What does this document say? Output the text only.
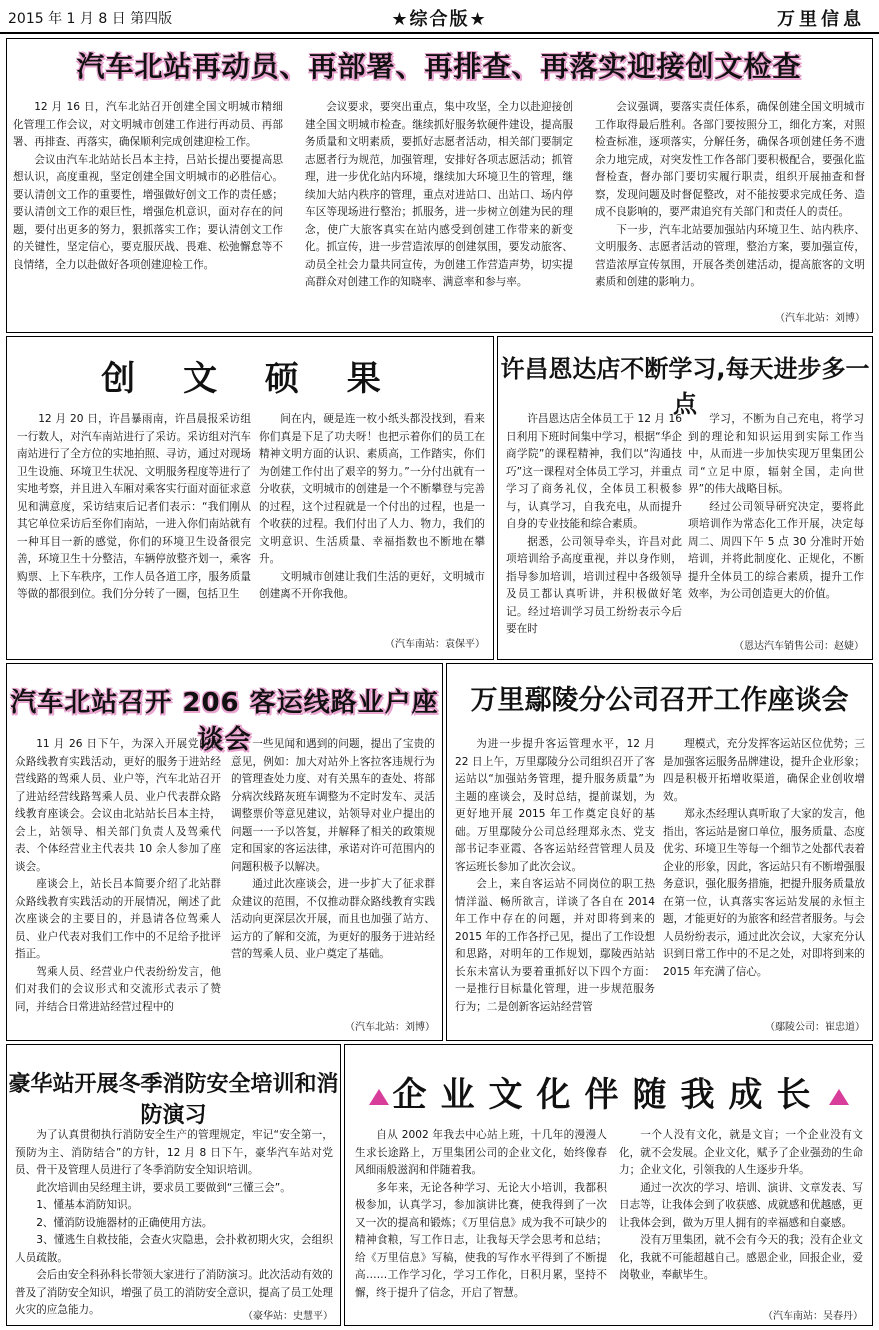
2015 年 1 月 8 日 第四版	★综合版★	万里信息
汽车北站再动员、再部署、再排查、再落实迎接创文检查

12 月 16 日，汽车北站召开创建全国文明城市精细化管理工作会议，对文明城市创建工作进行再动员、再部署、再排查、再落实，确保顺利完成创建迎检工作。

会议由汽车北站站长吕本主持，吕站长提出要提高思想认识，高度重视，坚定创建全国文明城市的必胜信心。要认清创文工作的重要性，增强做好创文工作的责任感；要认清创文工作的艰巨性，增强危机意识，面对存在的问题，要付出更多的努力，狠抓落实工作；要认清创文工作的关键性，坚定信心，要克服厌战、畏难、松弛懈怠等不良情绪，全力以赴做好各项创建迎检工作。

会议要求，要突出重点，集中攻坚，全力以赴迎接创建全国文明城市检查。继续抓好服务软硬件建设，提高服务质量和文明素质，要抓好志愿者活动，相关部门要制定志愿者行为规范，加强管理，安排好各项志愿活动；抓管理，进一步优化站内环境，继续加大环境卫生的管理，继续加大站内秩序的管理，重点对进站口、出站口、场内停车区等现场进行整治；抓服务，进一步树立创建为民的理念，使广大旅客真实在站内感受到创建工作带来的新变化。抓宣传，进一步营造浓厚的创建氛围，要发动旅客、动员全社会力量共同宣传，为创建工作营造声势，切实提高群众对创建工作的知晓率、满意率和参与率。

会议强调，要落实责任体系，确保创建全国文明城市工作取得最后胜利。各部门要按照分工，细化方案，对照检查标准，逐项落实，分解任务，确保各项创建任务不遗余力地完成，对突发性工作各部门要积极配合，要强化监督检查，督办部门要切实履行职责，组织开展抽查和督察，发现问题及时督促整改，对不能按要求完成任务、造成不良影响的，要严肃追究有关部门和责任人的责任。

下一步，汽车北站要加强站内环境卫生、站内秩序、文明服务、志愿者活动的管理，整治方案，要加强宣传，营造浓厚宣传氛围，开展各类创建活动，提高旅客的文明素质和创建的影响力。

（汽车北站：刘博）
创 文 硕 果

12 月 20 日，许昌暴雨南，许昌晨报采访组一行数人，对汽车南站进行了采访。采访组对汽车南站进行了全方位的实地拍照、寻访，通过对现场卫生设施、环境卫生状况、文明服务程度等进行了实地考察，并且进入车厢对乘客实行面对面征求意见和满意度，采访结束后记者们表示：“我们刚从其它单位采访后至你们南站，一进入你们南站就有一种耳目一新的感觉，你们的环境卫生设备很完善，环境卫生十分整洁，车辆停放整齐划一，乘客购票、上下车秩序，工作人员各道工序，服务质量等做的都很到位。我们分分转了一圈，包括卫生

间在内，硬是连一枚小纸头都没找到，看来你们真是下足了功夫呀！也把示着你们的员工在精神文明方面的认识、素质高，工作踏实，你们为创建工作付出了艰辛的努力。”一分付出就有一分收获，文明城市的创建是一个不断攀登与完善的过程，这个过程就是一个付出的过程，也是一个收获的过程。我们付出了人力、物力，我们的文明意识、生活质量、幸福指数也不断地在攀升。

文明城市创建让我们生活的更好，文明城市创建离不开你我他。

（汽车南站：袁保平）
许昌恩达店不断学习,每天进步多一点

许昌恩达店全体员工于 12 月 16 日利用下班时间集中学习，根据“华企商学院”的课程精神，我们以“沟通技巧”这一课程对全体员工学习，并重点学习了商务礼仪，全体员工积极参与，认真学习，自我充电，从而提升自身的专业技能和综合素质。

据悉，公司领导牵头，许昌对此项培训给予高度重视，并以身作则，指导参加培训，培训过程中各级领导及员工都认真听讲，并积极做好笔记。经过培训学习员工纷纷表示今后要在时

学习，不断为自己充电，将学习到的理论和知识运用到实际工作当中，从而进一步加快实现万里集团公司“立足中原，辐射全国，走向世界”的伟大战略目标。

经过公司领导研究决定，要将此项培训作为常态化工作开展，决定每周二、周四下午 5 点 30 分准时开始培训，并将此制度化、正规化，不断提升全体员工的综合素质，提升工作效率，为公司创造更大的价值。

（恩达汽车销售公司：赵婕）
汽车北站召开 206 客运线路业户座谈会

11 月 26 日下午，为深入开展党的群众路线教育实践活动，更好的服务于进站经营线路的驾乘人员、业户等，汽车北站召开了进站经营线路驾乘人员、业户代表群众路线教育座谈会。会议由北站站长吕本主持，会上，站领导、相关部门负责人及驾乘代表、个体经营业主代表共 10 余人参加了座谈会。

座谈会上，站长吕本简要介绍了北站群众路线教育实践活动的开展情况，阐述了此次座谈会的主要目的，并恳请各位驾乘人员、业户代表对我们工作中的不足给予批评指正。

驾乘人员、经营业户代表纷纷发言，他们对我们的会议形式和交流形式表示了赞同，并结合日常进站经营过程中的

一些见闻和遇到的问题，提出了宝贵的意见，例如：加大对站外上客拉客违规行为的管理查处力度、对有关黑车的查处、将部分病次线路灰班车调整为不定时发车、灵活调整票价等意见建议，站领导对业户提出的问题一一予以答复，并解释了相关的政策规定和国家的客运法律，承诺对许可范围内的问题积极予以解决。

通过此次座谈会，进一步扩大了征求群众建议的范围，不仅推动群众路线教育实践活动向更深层次开展，而且也加强了站方、运方的了解和交流，为更好的服务于进站经营的驾乘人员、业户奠定了基础。

（汽车北站：刘博）
万里鄢陵分公司召开工作座谈会

为进一步提升客运管理水平，12 月 22 日上午，万里鄢陵分公司组织召开了客运站以“加强站务管理，提升服务质量”为主题的座谈会，及时总结，提前谋划，为更好地开展 2015 年工作奠定良好的基础。万里鄢陵分公司总经理郑永杰、党支部书记李亚霞、各客运站经营管理人员及客运班长参加了此次会议。

会上，来自客运站不同岗位的职工热情洋溢、畅所欲言，详谈了各自在 2014 年工作中存在的问题，并对即将到来的 2015 年的工作各抒己见，提出了工作设想和思路，对明年的工作规划，鄢陵西站站长东未富认为要着重抓好以下四个方面：一是推行目标量化管理，进一步规范服务行为；二是创新客运站经营管

理模式，充分发挥客运站区位优势；三是加强客运服务品牌建设，提升企业形象；四是积极开拓增收渠道，确保企业创收增效。

郑永杰经理认真听取了大家的发言，他指出，客运站是窗口单位，服务质量、态度优劣、环境卫生等每一个细节之处都代表着企业的形象，因此，客运站只有不断增强服务意识，强化服务措施，把提升服务质量放在第一位，认真落实客运站发展的永恒主题，才能更好的为旅客和经营者服务。与会人员纷纷表示，通过此次会议，大家充分认识到日常工作中的不足之处，对即将到来的 2015 年充满了信心。

（鄢陵公司：崔忠道）
豪华站开展冬季消防安全培训和消防演习

为了认真贯彻执行消防安全生产的管理规定，牢记“安全第一，预防为主、消防结合”的方针，12 月 8 日下午，豪华汽车站对党员、骨干及管理人员进行了冬季消防安全知识培训。

此次培训由吴经理主讲，要求员工要做到“三懂三会”。

1、懂基本消防知识。

2、懂消防设施器材的正确使用方法。

3、懂逃生自救技能，会查火灾隐患，会扑救初期火灾，会组织人员疏散。

会后由安全科孙科长带领大家进行了消防演习。此次活动有效的普及了消防安全知识，增强了员工的消防安全意识，提高了员工处理火灾的应急能力。

（豪华站：史慧平）
企业文化伴随我成长

自从 2002 年我去中心站上班，十几年的漫漫人生求长途路上，万里集团公司的企业文化，始终像春风细雨般滋润和伴随着我。

多年来，无论各种学习、无论大小培训，我都积极参加，认真学习，参加演讲比赛，使我得到了一次又一次的提高和锻炼；《万里信息》成为我不可缺少的精神食粮，写工作日志，让我每天学会思考和总结；给《万里信息》写稿，使我的写作水平得到了不断提高……工作学习化，学习工作化，日积月累，坚持不懈，终于提升了信念，开启了智慧。

一个人没有文化，就是文盲；一个企业没有文化，就不会发展。企业文化，赋予了企业强劲的生命力；企业文化，引领我的人生逐步升华。

通过一次次的学习、培训、演讲、文章发表、写日志等，让我体会到了收获感、成就感和优越感，更让我体会到，做为万里人拥有的幸福感和自豪感。

没有万里集团，就不会有今天的我；没有企业文化，我就不可能超越自己。感恩企业，回报企业，爱岗敬业，奉献毕生。

（汽车南站：吴春丹）
